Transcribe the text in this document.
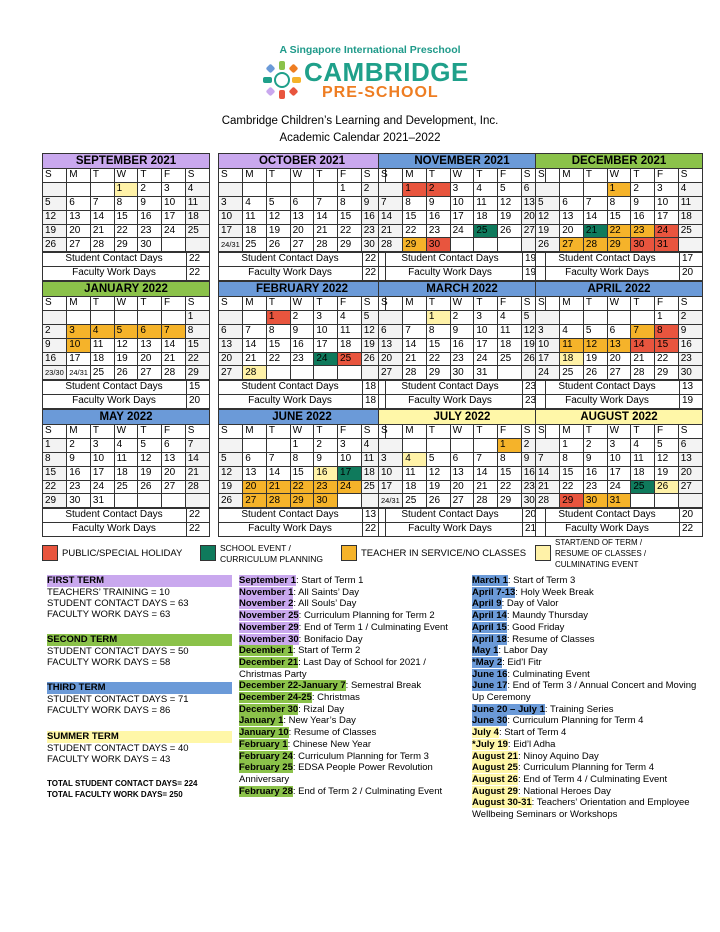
A Singapore International Preschool
CAMBRIDGE
PRE-SCHOOL
Cambridge Children’s Learning and Development, Inc.
Academic Calendar 2021–2022
SEPTEMBER 2021
S	M	T	W	T	F	S
			1	2	3	4
5	6	7	8	9	10	11
12	13	14	15	16	17	18
19	20	21	22	23	24	25
26	27	28	29	30		
Student Contact Days	22
Faculty Work Days	22
OCTOBER 2021
S	M	T	W	T	F	S
					1	2
3	4	5	6	7	8	9
10	11	12	13	14	15	16
17	18	19	20	21	22	23
24/31	25	26	27	28	29	30
Student Contact Days	22
Faculty Work Days	22
NOVEMBER 2021
S	M	T	W	T	F	S
	1	2	3	4	5	6
7	8	9	10	11	12	13
14	15	16	17	18	19	20
21	22	23	24	25	26	27
28	29	30				
Student Contact Days	19
Faculty Work Days	19
DECEMBER 2021
S	M	T	W	T	F	S
			1	2	3	4
5	6	7	8	9	10	11
12	13	14	15	16	17	18
19	20	21	22	23	24	25
26	27	28	29	30	31	
Student Contact Days	17
Faculty Work Days	20
JANUARY 2022
S	M	T	W	T	F	S
						1
2	3	4	5	6	7	8
9	10	11	12	13	14	15
16	17	18	19	20	21	22
23/30	24/31	25	26	27	28	29
Student Contact Days	15
Faculty Work Days	20
FEBRUARY 2022
S	M	T	W	T	F	S
		1	2	3	4	5
6	7	8	9	10	11	12
13	14	15	16	17	18	19
20	21	22	23	24	25	26
27	28					
Student Contact Days	18
Faculty Work Days	18
MARCH 2022
S	M	T	W	T	F	S
		1	2	3	4	5
6	7	8	9	10	11	12
13	14	15	16	17	18	19
20	21	22	23	24	25	26
27	28	29	30	31		
Student Contact Days	23
Faculty Work Days	23
APRIL 2022
S	M	T	W	T	F	S
					1	2
3	4	5	6	7	8	9
10	11	12	13	14	15	16
17	18	19	20	21	22	23
24	25	26	27	28	29	30
Student Contact Days	13
Faculty Work Days	19
MAY 2022
S	M	T	W	T	F	S
1	2	3	4	5	6	7
8	9	10	11	12	13	14
15	16	17	18	19	20	21
22	23	24	25	26	27	28
29	30	31				
Student Contact Days	22
Faculty Work Days	22
JUNE 2022
S	M	T	W	T	F	S
			1	2	3	4
5	6	7	8	9	10	11
12	13	14	15	16	17	18
19	20	21	22	23	24	25
26	27	28	29	30		
Student Contact Days	13
Faculty Work Days	22
JULY 2022
S	M	T	W	T	F	S
					1	2
3	4	5	6	7	8	9
10	11	12	13	14	15	16
17	18	19	20	21	22	23
24/31	25	26	27	28	29	30
Student Contact Days	20
Faculty Work Days	21
AUGUST 2022
S	M	T	W	T	F	S
	1	2	3	4	5	6
7	8	9	10	11	12	13
14	15	16	17	18	19	20
21	22	23	24	25	26	27
28	29	30	31			
Student Contact Days	20
Faculty Work Days	22
PUBLIC/SPECIAL HOLIDAY	SCHOOL EVENT /
CURRICULUM PLANNING	TEACHER IN SERVICE/NO CLASSES
START/END OF TERM /
RESUME OF CLASSES /
CULMINATING EVENT
FIRST TERM
TEACHERS’ TRAINING = 10
STUDENT CONTACT DAYS = 63
FACULTY WORK DAYS = 63
SECOND TERM
STUDENT CONTACT DAYS = 50
FACULTY WORK DAYS = 58
THIRD TERM
STUDENT CONTACT DAYS = 71
FACULTY WORK DAYS = 86
SUMMER TERM
STUDENT CONTACT DAYS = 40
FACULTY WORK DAYS = 43
TOTAL STUDENT CONTACT DAYS= 224
TOTAL FACULTY WORK DAYS= 250
September 1: Start of Term 1
November 1: All Saints’ Day
November 2: All Souls’ Day
November 25: Curriculum Planning for Term 2
November 29: End of Term 1 / Culminating Event
November 30: Bonifacio Day
December 1: Start of Term 2
December 21: Last Day of School for 2021 / Christmas Party
December 22-January 7: Semestral Break
December 24-25: Christmas
December 30: Rizal Day
January 1: New Year’s Day
January 10: Resume of Classes
February 1: Chinese New Year
February 24: Curriculum Planning for Term 3
February 25: EDSA People Power Revolution Anniversary
February 28: End of Term 2 / Culminating Event
March 1: Start of Term 3
April 7-13: Holy Week Break
April 9: Day of Valor
April 14: Maundy Thursday
April 15: Good Friday
April 18: Resume of Classes
May 1: Labor Day
*May 2: Eid’l Fitr
June 16: Culminating Event
June 17: End of Term 3 / Annual Concert and Moving Up Ceremony
June 20 – July 1: Training Series
June 30: Curriculum Planning for Term 4
July 4: Start of Term 4
*July 19: Eid’l Adha
August 21: Ninoy Aquino Day
August 25: Curriculum Planning for Term 4
August 26: End of Term 4 / Culminating Event
August 29: National Heroes Day
August 30-31: Teachers’ Orientation and Employee Wellbeing Seminars or Workshops
